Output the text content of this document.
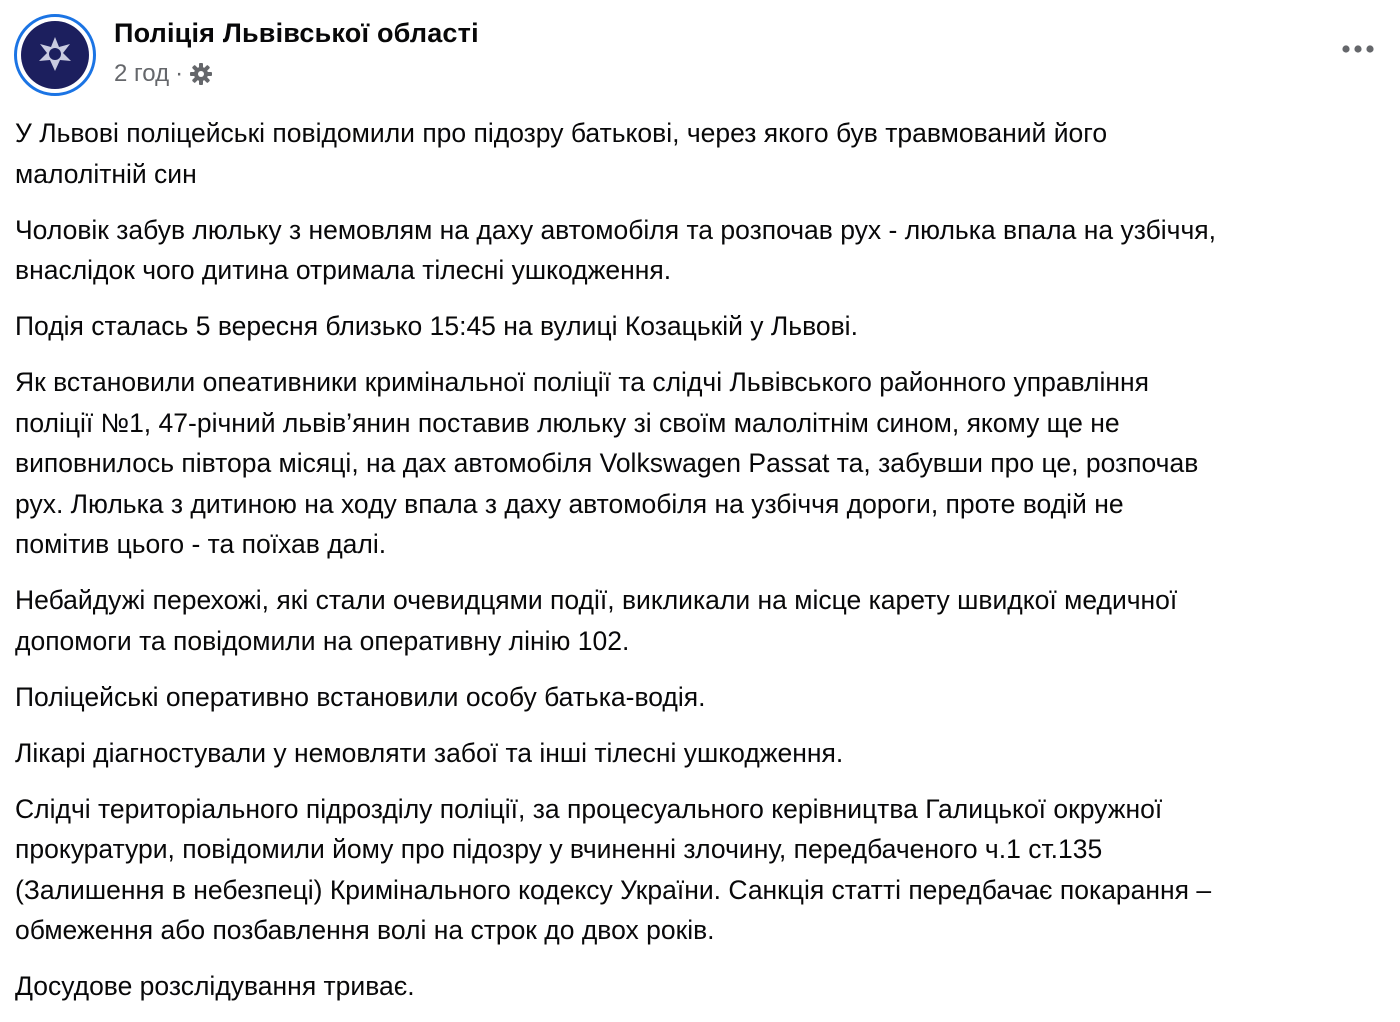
Поліція Львівської області
2 год ·
У Львові поліцейські повідомили про підозру батькові, через якого був травмований його
малолітній син
Чоловік забув люльку з немовлям на даху автомобіля та розпочав рух - люлька впала на узбіччя,
внаслідок чого дитина отримала тілесні ушкодження.
Подія сталась 5 вересня близько 15:45 на вулиці Козацькій у Львові.
Як встановили опеативники кримінальної поліції та слідчі Львівського районного управління
поліції №1, 47-річний львів’янин поставив люльку зі своїм малолітнім сином, якому ще не
виповнилось півтора місяці, на дах автомобіля Volkswagen Passat та, забувши про це, розпочав
рух. Люлька з дитиною на ходу впала з даху автомобіля на узбіччя дороги, проте водій не
помітив цього - та поїхав далі.
Небайдужі перехожі, які стали очевидцями події, викликали на місце карету швидкої медичної
допомоги та повідомили на оперативну лінію 102.
Поліцейські оперативно встановили особу батька-водія.
Лікарі діагностували у немовляти забої та інші тілесні ушкодження.
Слідчі територіального підрозділу поліції, за процесуального керівництва Галицької окружної
прокуратури, повідомили йому про підозру у вчиненні злочину, передбаченого ч.1 ст.135
(Залишення в небезпеці) Кримінального кодексу України. Санкція статті передбачає покарання –
обмеження або позбавлення волі на строк до двох років.
Досудове розслідування триває.
